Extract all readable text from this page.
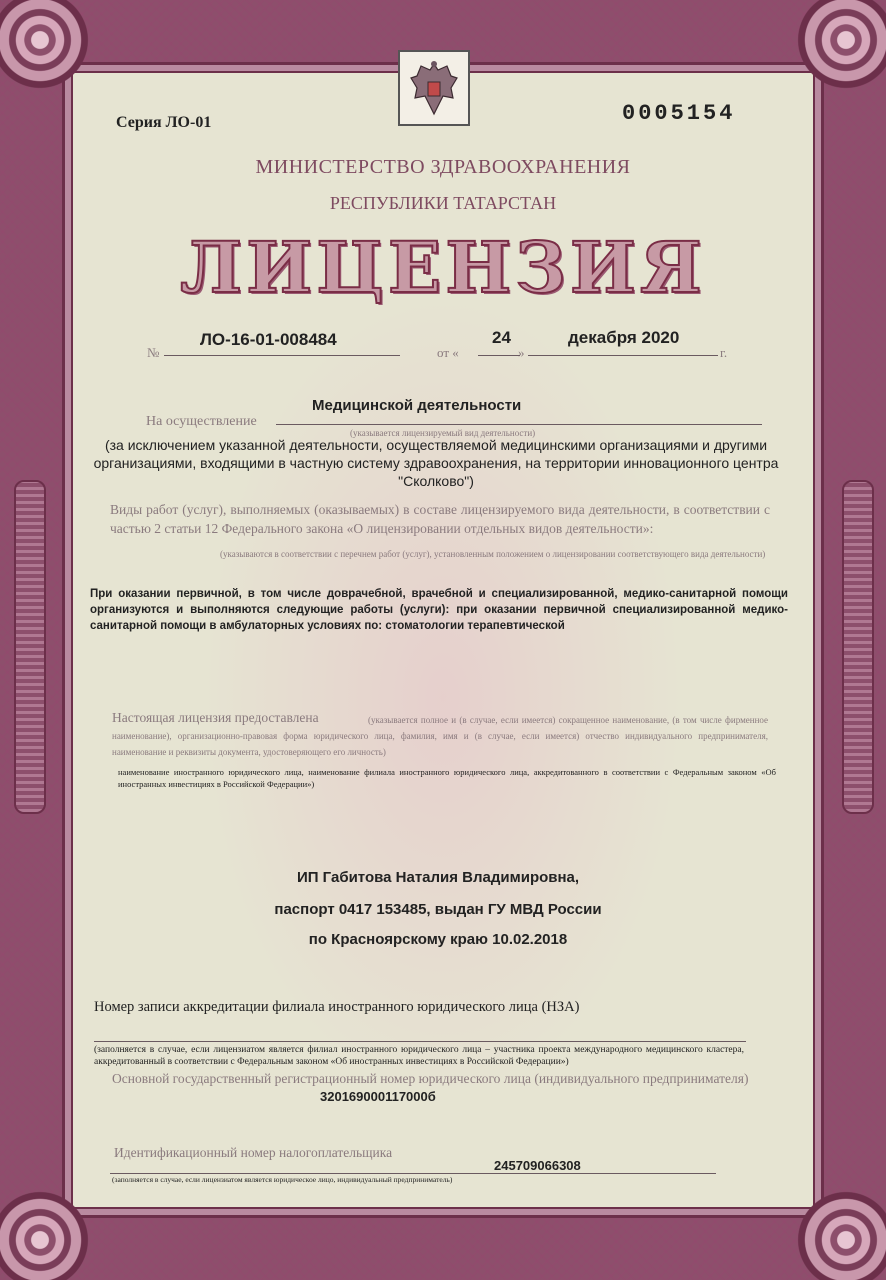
Серия ЛО-01	0005154
МИНИСТЕРСТВО ЗДРАВООХРАНЕНИЯ
РЕСПУБЛИКИ ТАТАРСТАН
ЛИЦЕНЗИЯ
№
ЛО-16-01-008484
от «
24
»
декабря 2020
г.
На осуществление
Медицинской деятельности
(указывается лицензируемый вид деятельности)
(за исключением указанной деятельности, осуществляемой медицинскими организациями и другими организациями, входящими в частную систему здравоохранения, на территории инновационного центра "Сколково")
Виды работ (услуг), выполняемых (оказываемых) в составе лицензируемого вида деятельности, в соответствии с частью 2 статьи 12 Федерального закона «О лицензировании отдельных видов деятельности»:
(указываются в соответствии с перечнем работ (услуг), установленным положением о лицензировании соответствующего вида деятельности)
При оказании первичной, в том числе доврачебной, врачебной и специализированной, медико-санитарной помощи организуются и выполняются следующие работы (услуги): при оказании первичной специализированной медико-санитарной помощи в амбулаторных условиях по: стоматологии терапевтической
Настоящая лицензия предоставлена	(указывается полное и (в случае, если имеется) сокращенное наименование, (в том числе фирменное наименование), организационно-правовая форма юридического лица, фамилия, имя и (в случае, если имеется) отчество индивидуального предпринимателя, наименование и реквизиты документа, удостоверяющего его личность)
наименование иностранного юридического лица, наименование филиала иностранного юридического лица, аккредитованного в соответствии с Федеральным законом «Об иностранных инвестициях в Российской Федерации»)
ИП Габитова Наталия Владимировна,
паспорт 0417 153485, выдан ГУ МВД России
по Красноярскому краю 10.02.2018
Номер записи аккредитации филиала иностранного юридического лица (НЗА)
(заполняется в случае, если лицензиатом является филиал иностранного юридического лица – участника проекта международного медицинского кластера, аккредитованный в соответствии с Федеральным законом «Об иностранных инвестициях в Российской Федерации»)
Основной государственный регистрационный номер юридического лица (индивидуального предпринимателя)
320169000117000б
Идентификационный номер налогоплательщика
245709066308
(заполняется в случае, если лицензиатом является юридическое лицо, индивидуальный предприниматель)
